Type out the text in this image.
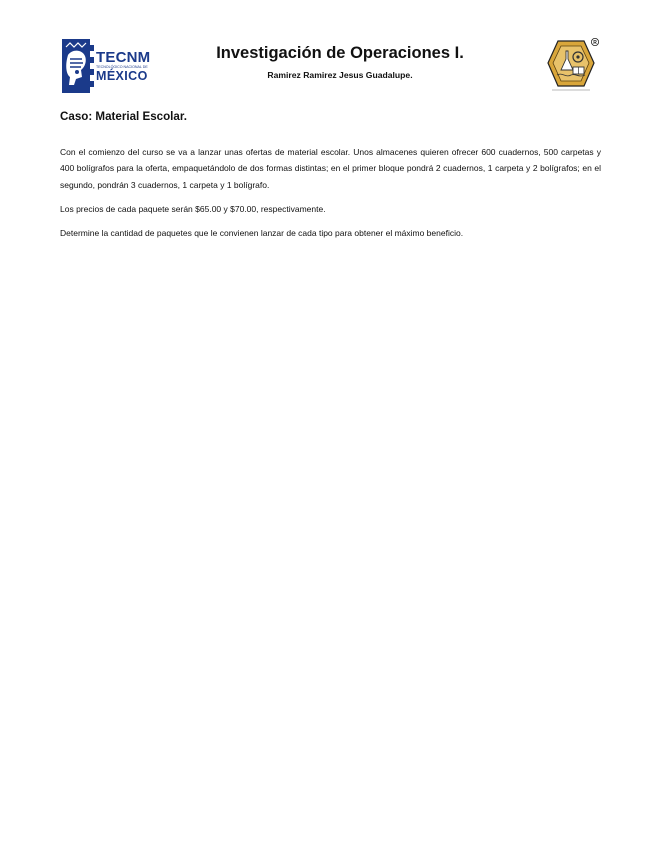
TECNM
TECNOLÓGICO NACIONAL DE
MÉXICO
Investigación de Operaciones I.
Ramirez Ramirez Jesus Guadalupe.
R
Caso: Material Escolar.

Con el comienzo del curso se va a lanzar unas ofertas de material escolar. Unos almacenes quieren ofrecer 600 cuadernos, 500 carpetas y 400 bolígrafos para la oferta, empaquetándolo de dos formas distintas; en el primer bloque pondrá 2 cuadernos, 1 carpeta y 2 bolígrafos; en el segundo, pondrán 3 cuadernos, 1 carpeta y 1 bolígrafo.

Los precios de cada paquete serán $65.00 y $70.00, respectivamente.

Determine la cantidad de paquetes que le convienen lanzar de cada tipo para obtener el máximo beneficio.
